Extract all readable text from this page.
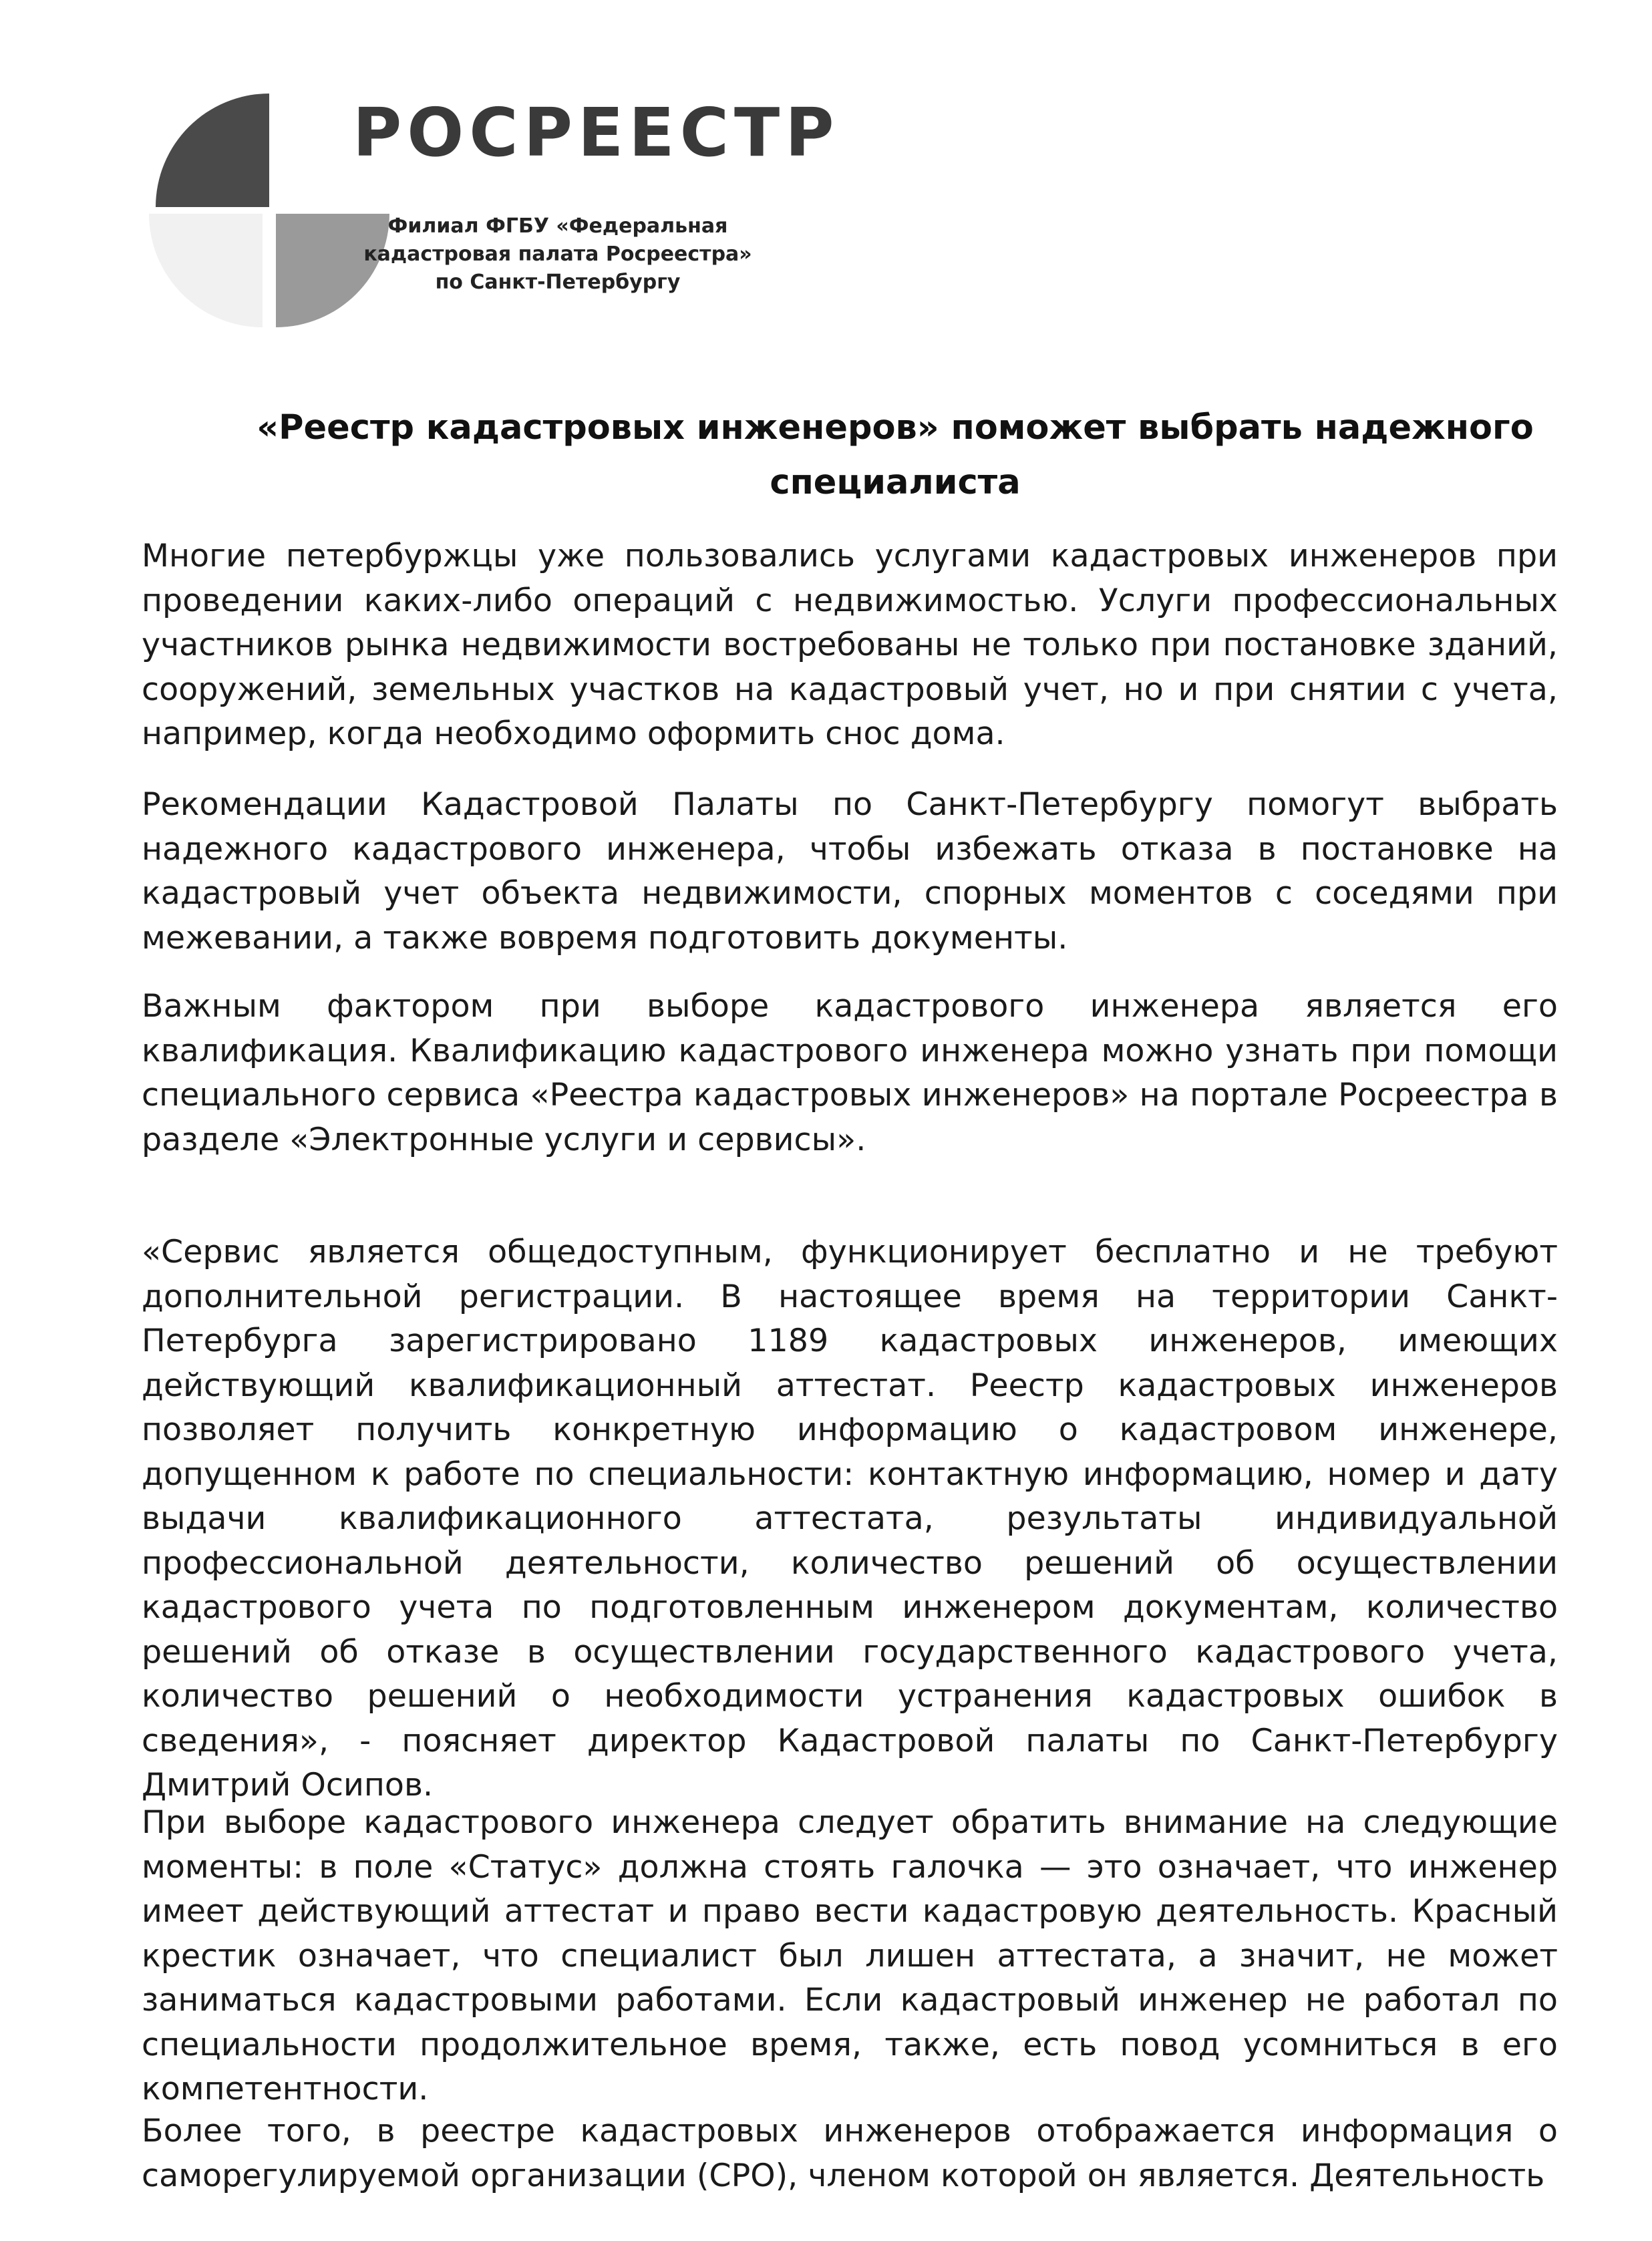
РОСРЕЕСТР
Филиал ФГБУ «Федеральная
кадастровая палата Росреестра»
по Санкт-Петербургу
«Реестр кадастровых инженеров» поможет выбрать надежного
специалиста

Многие петербуржцы уже пользовались услугами кадастровых инженеров при проведении каких-либо операций с недвижимостью. Услуги профессиональных участников рынка недвижимости востребованы не только при постановке зданий, сооружений, земельных участков на кадастровый учет, но и при снятии с учета, например, когда необходимо оформить снос дома.

Рекомендации Кадастровой Палаты по Санкт-Петербургу помогут выбрать надежного кадастрового инженера, чтобы избежать отказа в постановке на кадастровый учет объекта недвижимости, спорных моментов с соседями при межевании, а также вовремя подготовить документы.

Важным фактором при выборе кадастрового инженера является его квалификация. Квалификацию кадастрового инженера можно узнать при помощи специального сервиса «Реестра кадастровых инженеров» на портале Росреестра в разделе «Электронные услуги и сервисы».

«Сервис является общедоступным, функционирует бесплатно и не требуют дополнительной регистрации. В настоящее время на территории Санкт-Петербурга зарегистрировано 1189 кадастровых инженеров, имеющих действующий квалификационный аттестат. Реестр кадастровых инженеров позволяет получить конкретную информацию о кадастровом инженере, допущенном к работе по специальности: контактную информацию, номер и дату выдачи квалификационного аттестата, результаты индивидуальной профессиональной деятельности, количество решений об осуществлении кадастрового учета по подготовленным инженером документам, количество решений об отказе в осуществлении государственного кадастрового учета, количество решений о необходимости устранения кадастровых ошибок в сведения», - поясняет директор Кадастровой палаты по Санкт-Петербургу Дмитрий Осипов.

При выборе кадастрового инженера следует обратить внимание на следующие моменты: в поле «Статус» должна стоять галочка — это означает, что инженер имеет действующий аттестат и право вести кадастровую деятельность. Красный крестик означает, что специалист был лишен аттестата, а значит, не может заниматься кадастровыми работами. Если кадастровый инженер не работал по специальности продолжительное время, также, есть повод усомниться в его компетентности.

Более того, в реестре кадастровых инженеров отображается информация о саморегулируемой организации (СРО), членом которой он является. Деятельность
